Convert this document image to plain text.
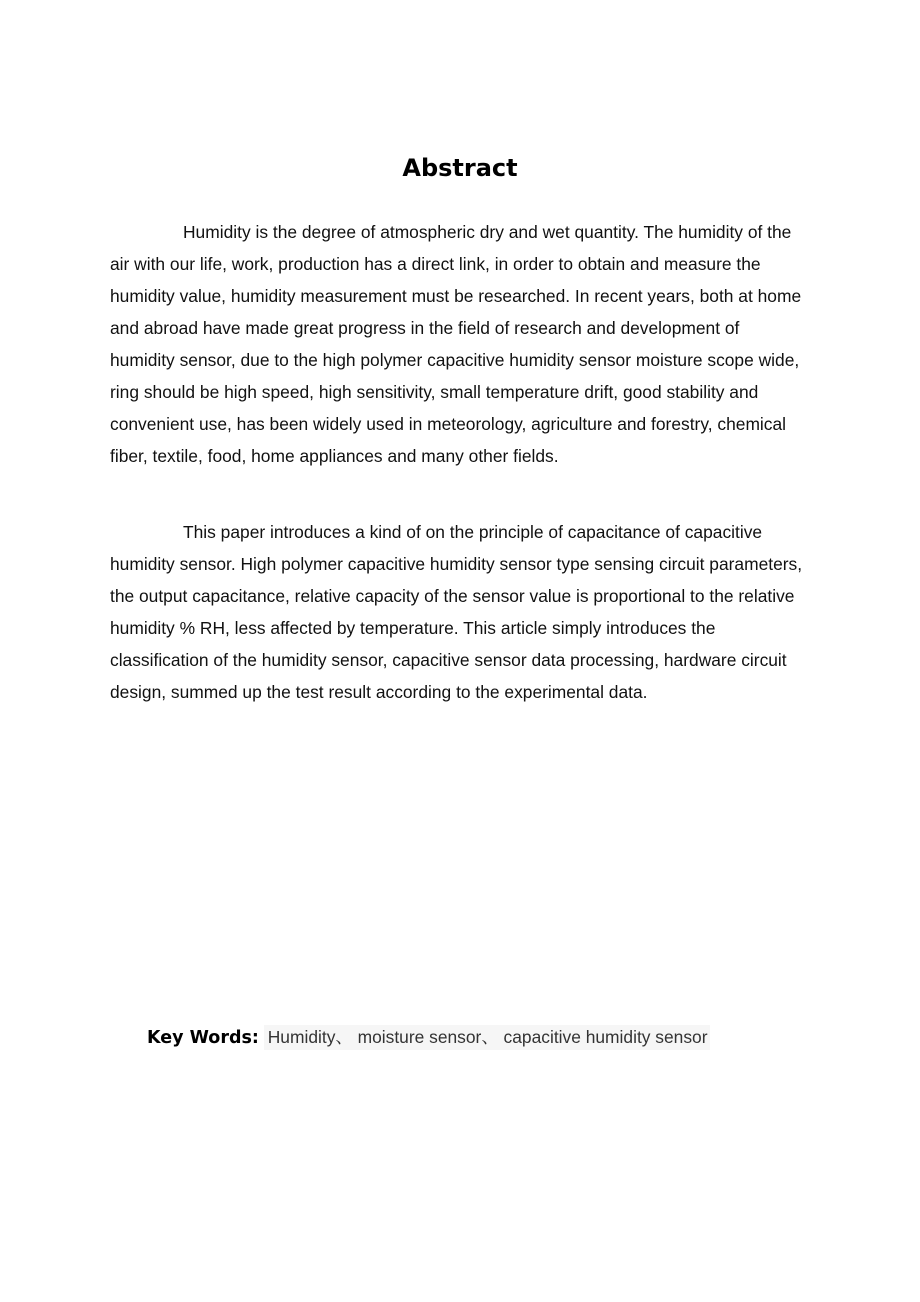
Abstract

Humidity is the degree of atmospheric dry and wet quantity. The humidity of the air with our life, work, production has a direct link, in order to obtain and measure the humidity value, humidity measurement must be researched. In recent years, both at home and abroad have made great progress in the field of research and development of humidity sensor, due to the high polymer capacitive humidity sensor moisture scope wide, ring should be high speed, high sensitivity, small temperature drift, good stability and convenient use, has been widely used in meteorology, agriculture and forestry, chemical fiber, textile, food, home appliances and many other fields.

This paper introduces a kind of on the principle of capacitance of capacitive humidity sensor. High polymer capacitive humidity sensor type sensing circuit parameters, the output capacitance, relative capacity of the sensor value is proportional to the relative humidity % RH, less affected by temperature. This article simply introduces the classification of the humidity sensor, capacitive sensor data processing, hardware circuit design, summed up the test result according to the experimental data.

Key Words: Humidity、 moisture sensor、 capacitive humidity sensor
